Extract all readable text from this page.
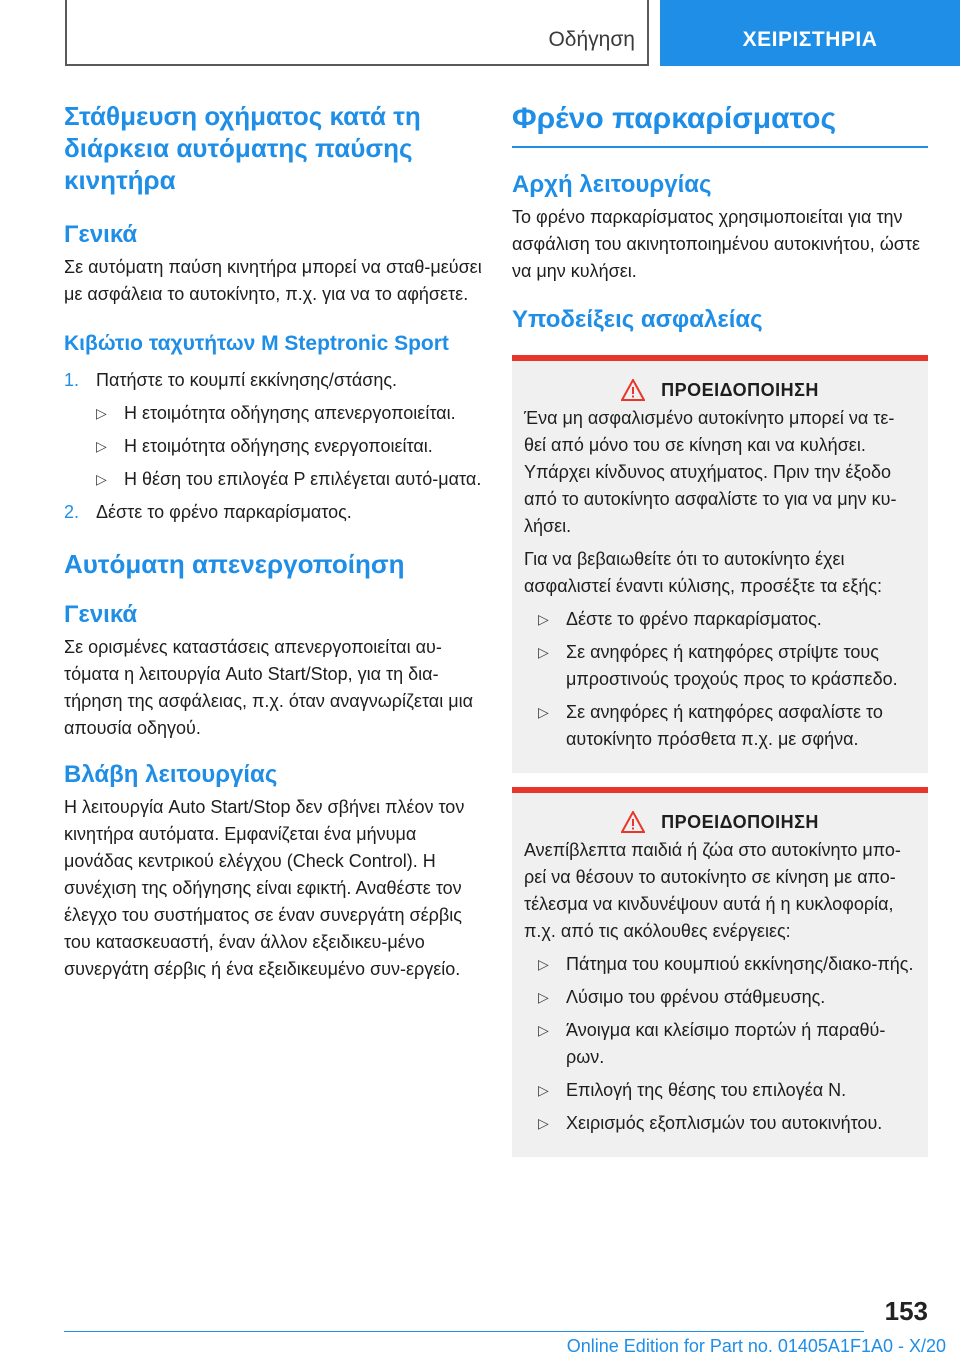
Οδήγηση	ΧΕΙΡΙΣΤΗΡΙΑ
Στάθμευση οχήματος κατά τη διάρκεια αυτόματης παύσης κινητήρα
Γενικά

Σε αυτόματη παύση κινητήρα μπορεί να σταθ-μεύσει με ασφάλεια το αυτοκίνητο, π.χ. για να το αφήσετε.

Κιβώτιο ταχυτήτων M Steptronic Sport
1. Πατήστε το κουμπί εκκίνησης/στάσης.
▷ Η ετοιμότητα οδήγησης απενεργοποιείται.
▷ Η ετοιμότητα οδήγησης ενεργοποιείται.
▷ Η θέση του επιλογέα P επιλέγεται αυτό-ματα.
2. Δέστε το φρένο παρκαρίσματος.
Αυτόματη απενεργοποίηση
Γενικά

Σε ορισμένες καταστάσεις απενεργοποιείται αυ-τόματα η λειτουργία Auto Start/Stop, για τη δια-τήρηση της ασφάλειας, π.χ. όταν αναγνωρίζεται μια απουσία οδηγού.

Βλάβη λειτουργίας

Η λειτουργία Auto Start/Stop δεν σβήνει πλέον τον κινητήρα αυτόματα. Εμφανίζεται ένα μήνυμα μονάδας κεντρικού ελέγχου (Check Control). Η συνέχιση της οδήγησης είναι εφικτή. Αναθέστε τον έλεγχο του συστήματος σε έναν συνεργάτη σέρβις του κατασκευαστή, έναν άλλον εξειδικευ-μένο συνεργάτη σέρβις ή ένα εξειδικευμένο συν-εργείο.

Φρένο παρκαρίσματος
Αρχή λειτουργίας

Το φρένο παρκαρίσματος χρησιμοποιείται για την ασφάλιση του ακινητοποιημένου αυτοκινήτου, ώστε να μην κυλήσει.

Υποδείξεις ασφαλείας
ΠΡΟΕΙΔΟΠΟΙΗΣΗ

Ένα μη ασφαλισμένο αυτοκίνητο μπορεί να τε-θεί από μόνο του σε κίνηση και να κυλήσει. Υπάρχει κίνδυνος ατυχήματος. Πριν την έξοδο από το αυτοκίνητο ασφαλίστε το για να μην κυ-λήσει.

Για να βεβαιωθείτε ότι το αυτοκίνητο έχει ασφαλιστεί έναντι κύλισης, προσέξτε τα εξής:

▷ Δέστε το φρένο παρκαρίσματος.
▷ Σε ανηφόρες ή κατηφόρες στρίψτε τους μπροστινούς τροχούς προς το κράσπεδο.
▷ Σε ανηφόρες ή κατηφόρες ασφαλίστε το αυτοκίνητο πρόσθετα π.χ. με σφήνα.
ΠΡΟΕΙΔΟΠΟΙΗΣΗ

Ανεπίβλεπτα παιδιά ή ζώα στο αυτοκίνητο μπο-ρεί να θέσουν το αυτοκίνητο σε κίνηση με απο-τέλεσμα να κινδυνέψουν αυτά ή η κυκλοφορία, π.χ. από τις ακόλουθες ενέργειες:

▷ Πάτημα του κουμπιού εκκίνησης/διακο-πής.
▷ Λύσιμο του φρένου στάθμευσης.
▷ Άνοιγμα και κλείσιμο πορτών ή παραθύ-ρων.
▷ Επιλογή της θέσης του επιλογέα N.
▷ Χειρισμός εξοπλισμών του αυτοκινήτου.
153
Online Edition for Part no. 01405A1F1A0 - X/20
